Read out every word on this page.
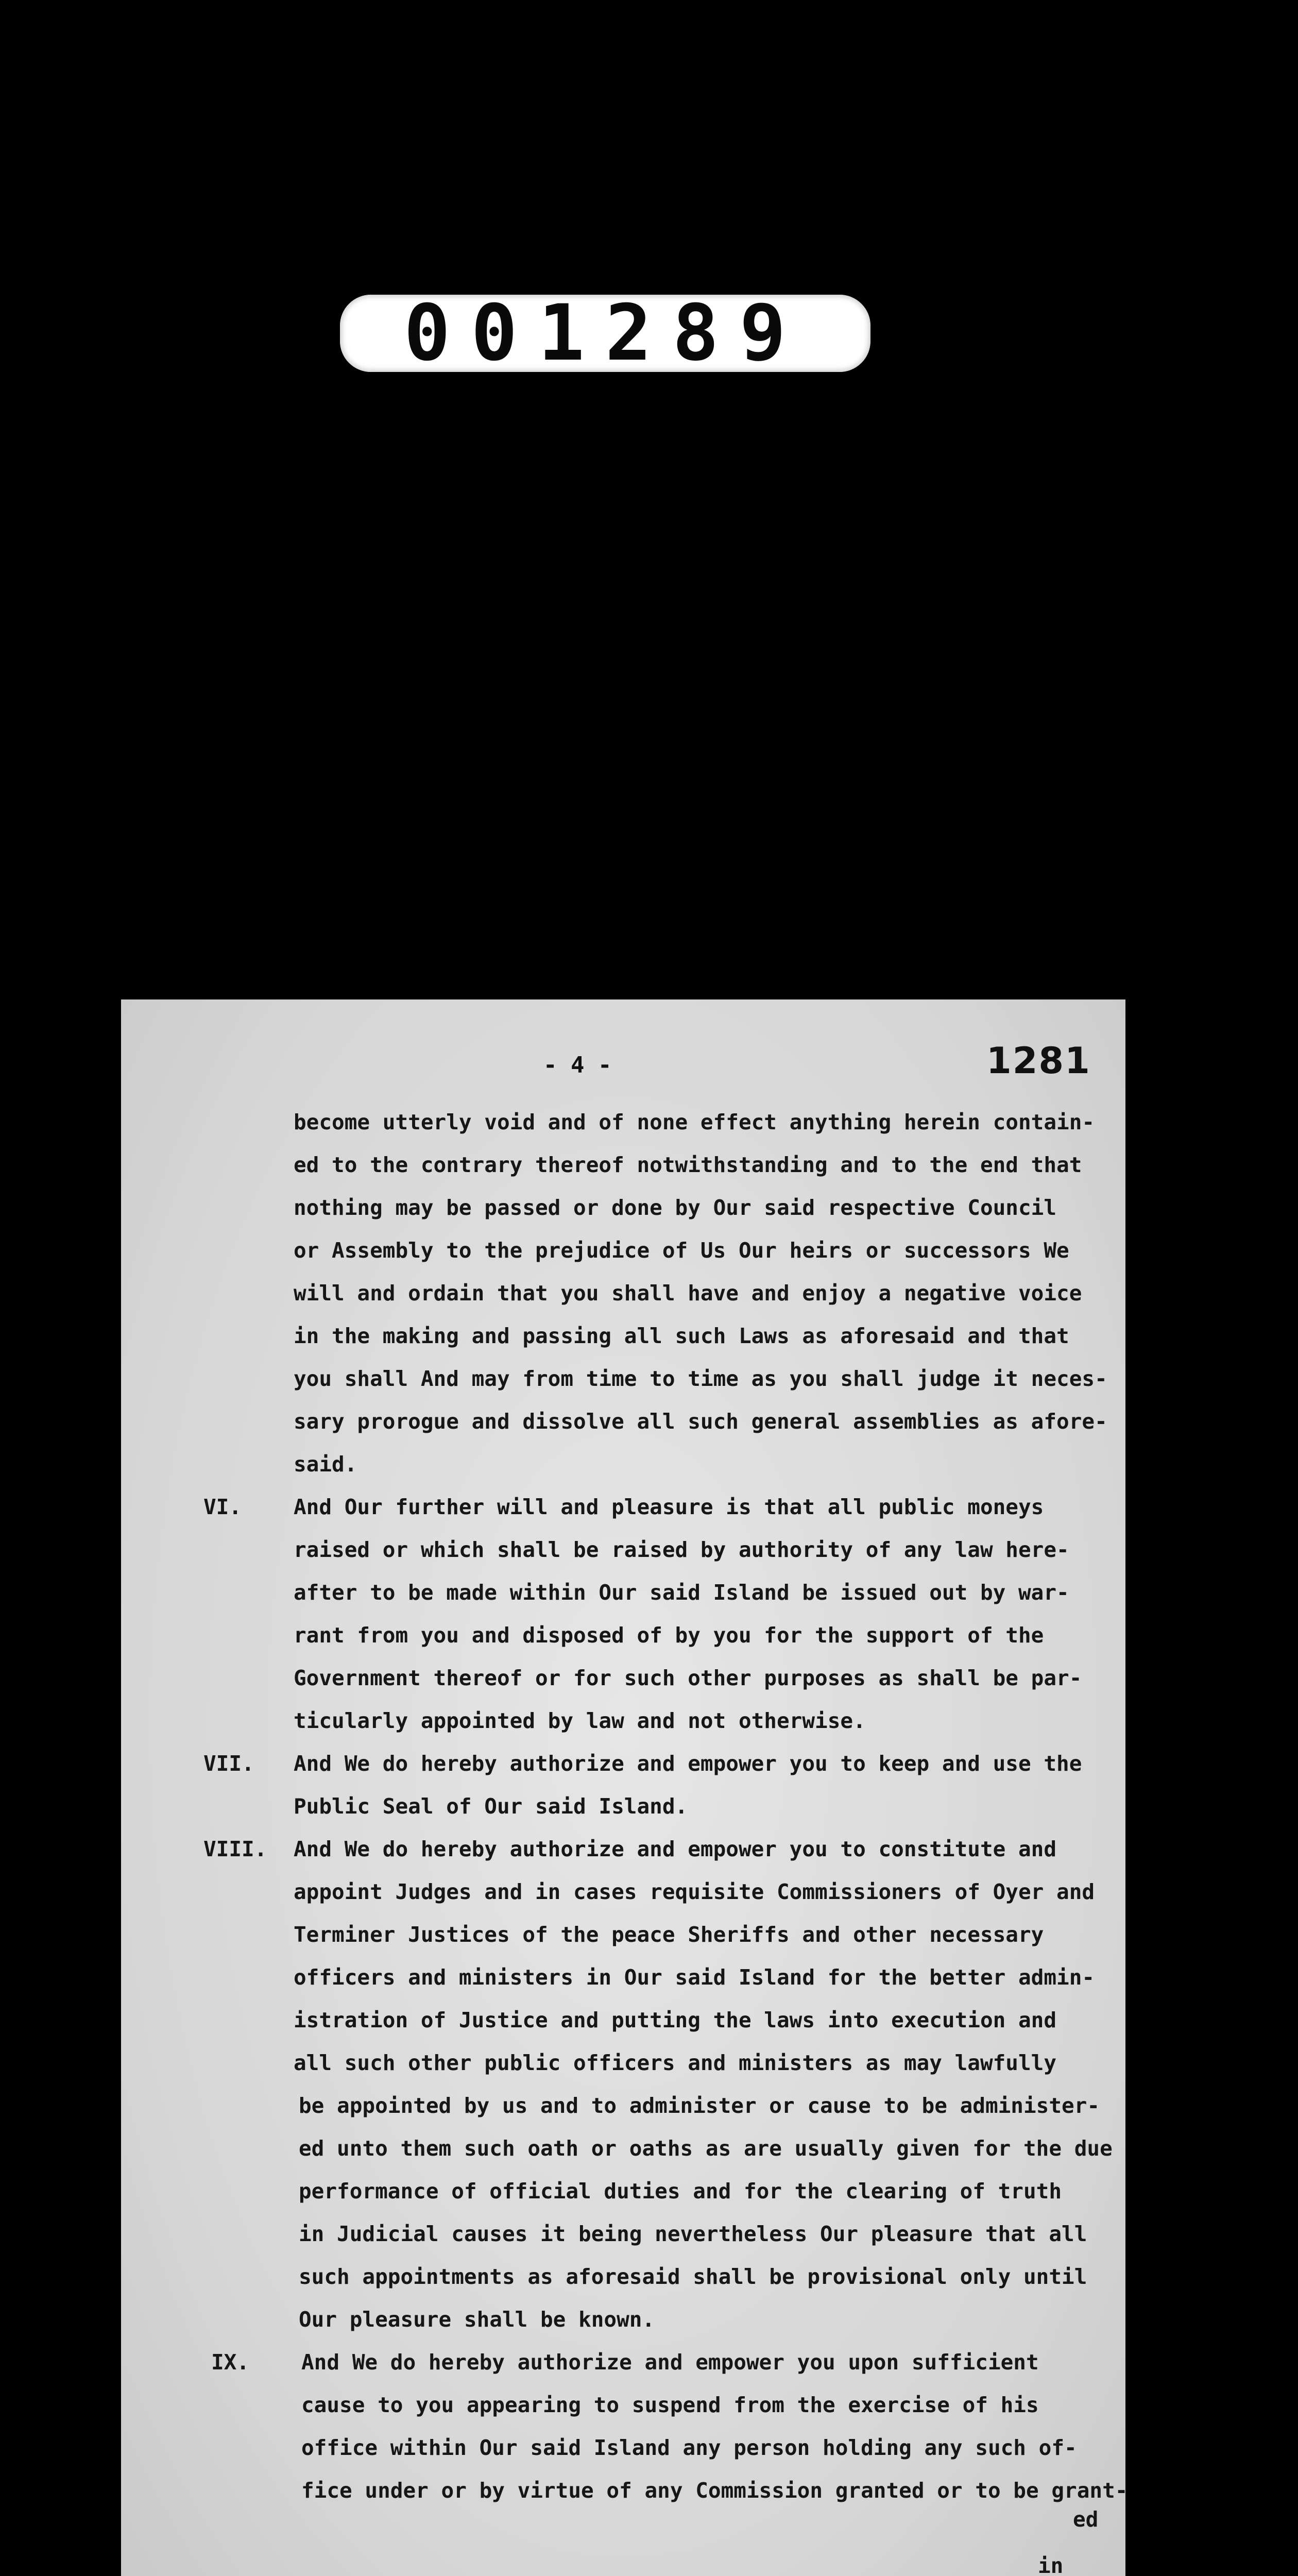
001289
- 4 -	1281
become utterly void and of none effect anything herein contain-
ed to the contrary thereof notwithstanding and to the end that
nothing may be passed or done by Our said respective Council
or Assembly to the prejudice of Us Our heirs or successors We
will and ordain that you shall have and enjoy a negative voice
in the making and passing all such Laws as aforesaid and that
you shall And may from time to time as you shall judge it neces-
sary prorogue and dissolve all such general assemblies as afore-
said.
VI. And Our further will and pleasure is that all public moneys
raised or which shall be raised by authority of any law here-
after to be made within Our said Island be issued out by war-
rant from you and disposed of by you for the support of the
Government thereof or for such other purposes as shall be par-
ticularly appointed by law and not otherwise.
VII. And We do hereby authorize and empower you to keep and use the
Public Seal of Our said Island.
VIII. And We do hereby authorize and empower you to constitute and
appoint Judges and in cases requisite Commissioners of Oyer and
Terminer Justices of the peace Sheriffs and other necessary
officers and ministers in Our said Island for the better admin-
istration of Justice and putting the laws into execution and
all such other public officers and ministers as may lawfully
be appointed by us and to administer or cause to be administer-
ed unto them such oath or oaths as are usually given for the due
performance of official duties and for the clearing of truth
in Judicial causes it being nevertheless Our pleasure that all
such appointments as aforesaid shall be provisional only until
Our pleasure shall be known.
IX. And We do hereby authorize and empower you upon sufficient
cause to you appearing to suspend from the exercise of his
office within Our said Island any person holding any such of-
fice under or by virtue of any Commission granted or to be grant-
ed
in
